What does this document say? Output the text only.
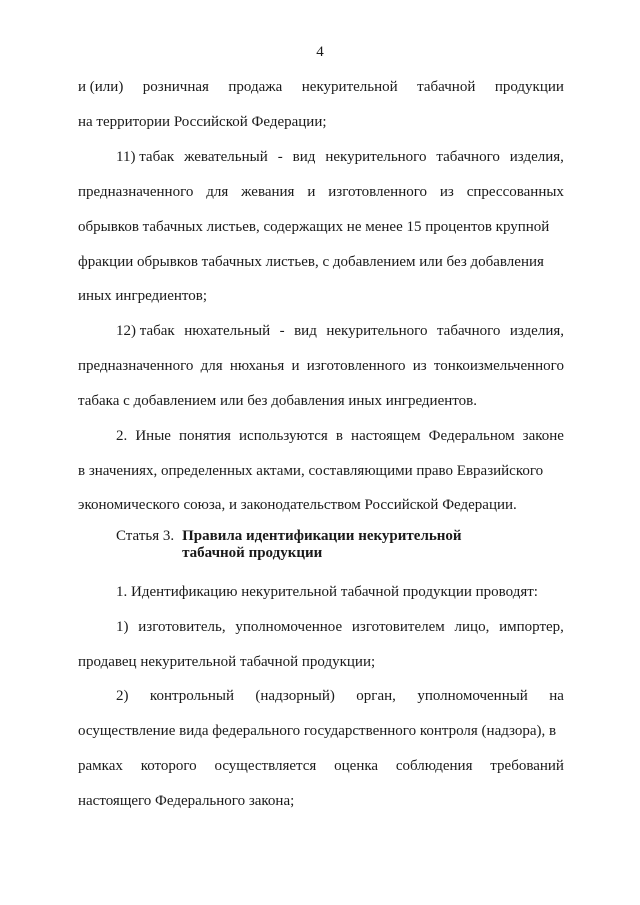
4
и (или) розничная продажа некурительной табачной продукции
на территории Российской Федерации;
11) табак жевательный - вид некурительного табачного изделия,
предназначенного для жевания и изготовленного из спрессованных
обрывков табачных листьев, содержащих не менее 15 процентов крупной
фракции обрывков табачных листьев, с добавлением или без добавления
иных ингредиентов;
12) табак нюхательный - вид некурительного табачного изделия,
предназначенного для нюханья и изготовленного из тонкоизмельченного
табака с добавлением или без добавления иных ингредиентов.
2. Иные понятия используются в настоящем Федеральном законе
в значениях, определенных актами, составляющими право Евразийского
экономического союза, и законодательством Российской Федерации.
Статья 3. Правила идентификации некурительной
табачной продукции
1. Идентификацию некурительной табачной продукции проводят:
1) изготовитель, уполномоченное изготовителем лицо, импортер,
продавец некурительной табачной продукции;
2) контрольный (надзорный) орган, уполномоченный на
осуществление вида федерального государственного контроля (надзора), в
рамках которого осуществляется оценка соблюдения требований
настоящего Федерального закона;
